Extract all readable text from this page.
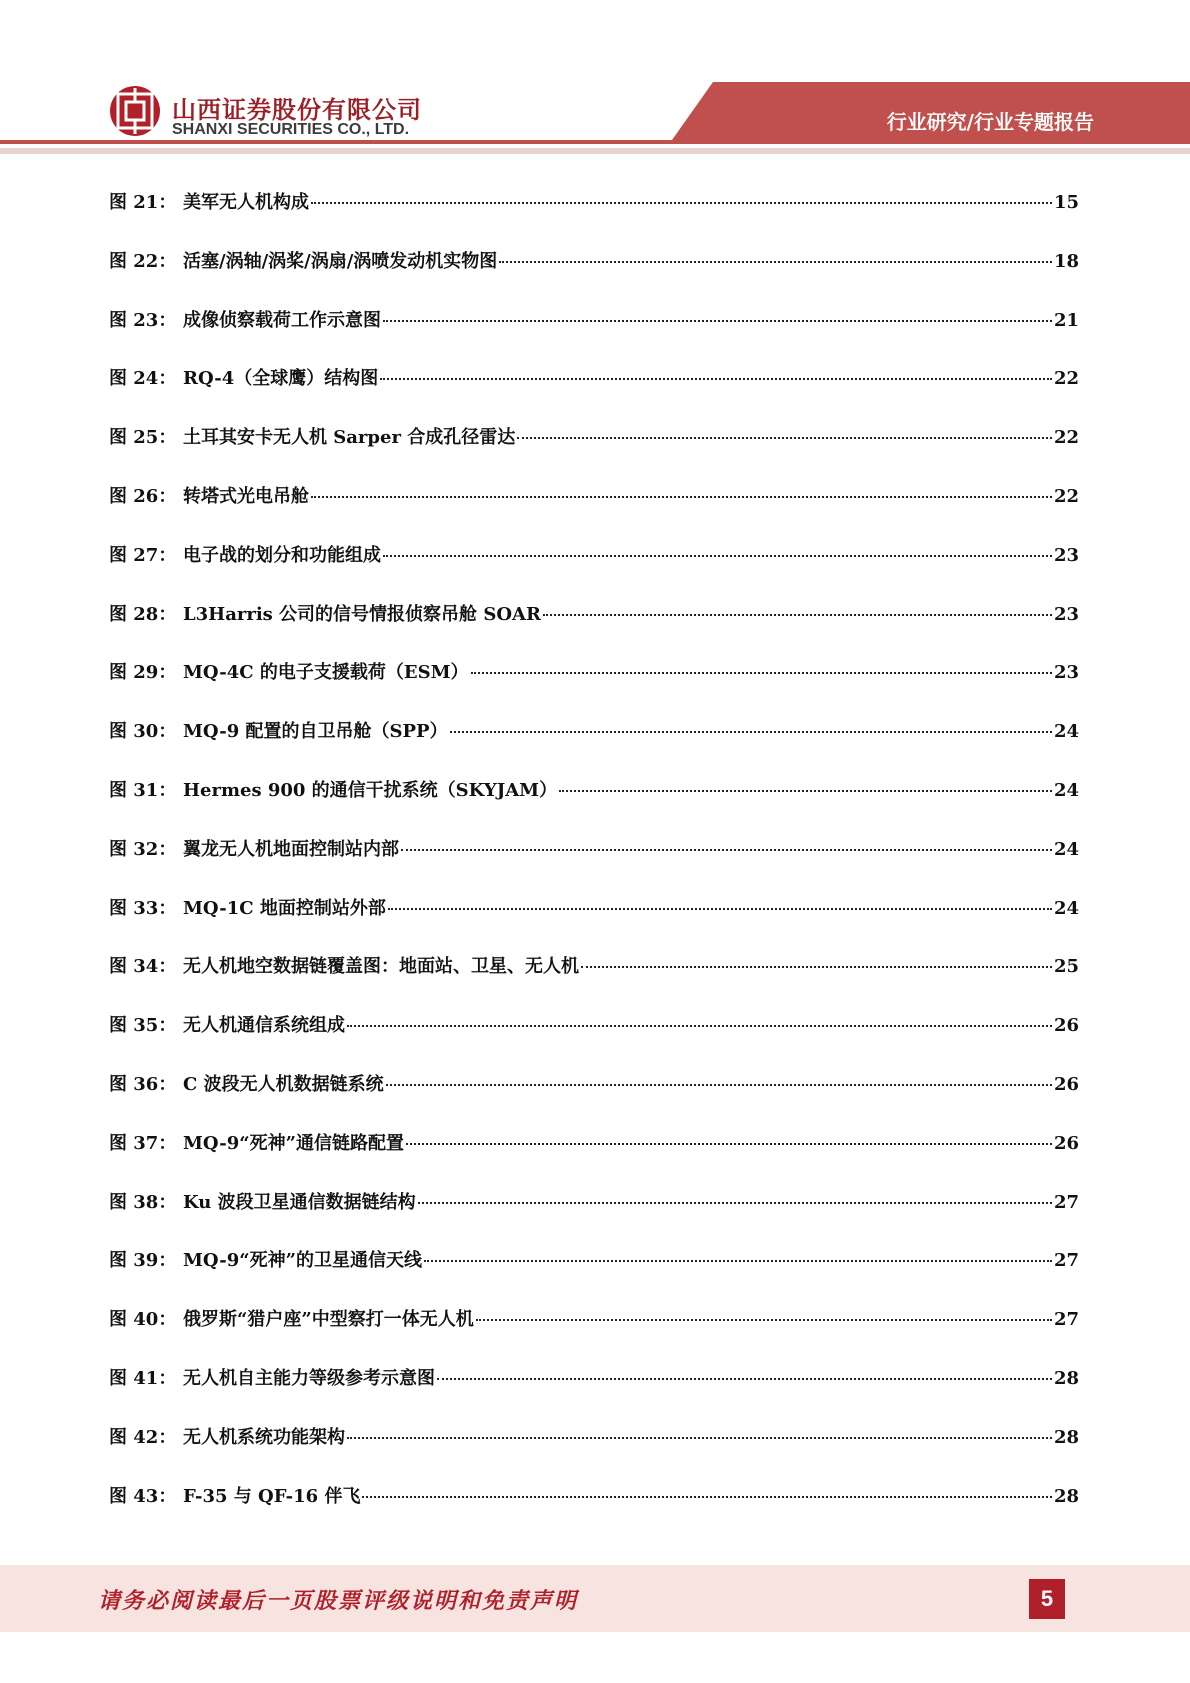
山西证券股份有限公司
SHANXI SECURITIES CO., LTD.	行业研究/行业专题报告
图 21： 美军无人机构成	15
图 22： 活塞/涡轴/涡桨/涡扇/涡喷发动机实物图	18
图 23： 成像侦察载荷工作示意图	21
图 24： RQ-4（全球鹰）结构图	22
图 25： 土耳其安卡无人机 Sarper 合成孔径雷达	22
图 26： 转塔式光电吊舱	22
图 27： 电子战的划分和功能组成	23
图 28： L3Harris 公司的信号情报侦察吊舱 SOAR	23
图 29： MQ-4C 的电子支援载荷（ESM）	23
图 30： MQ-9 配置的自卫吊舱（SPP）	24
图 31： Hermes 900 的通信干扰系统（SKYJAM）	24
图 32： 翼龙无人机地面控制站内部	24
图 33： MQ-1C 地面控制站外部	24
图 34： 无人机地空数据链覆盖图：地面站、卫星、无人机	25
图 35： 无人机通信系统组成	26
图 36： C 波段无人机数据链系统	26
图 37： MQ-9“死神”通信链路配置	26
图 38： Ku 波段卫星通信数据链结构	27
图 39： MQ-9“死神”的卫星通信天线	27
图 40： 俄罗斯“猎户座”中型察打一体无人机	27
图 41： 无人机自主能力等级参考示意图	28
图 42： 无人机系统功能架构	28
图 43： F-35 与 QF-16 伴飞	28
请务必阅读最后一页股票评级说明和免责声明	5
